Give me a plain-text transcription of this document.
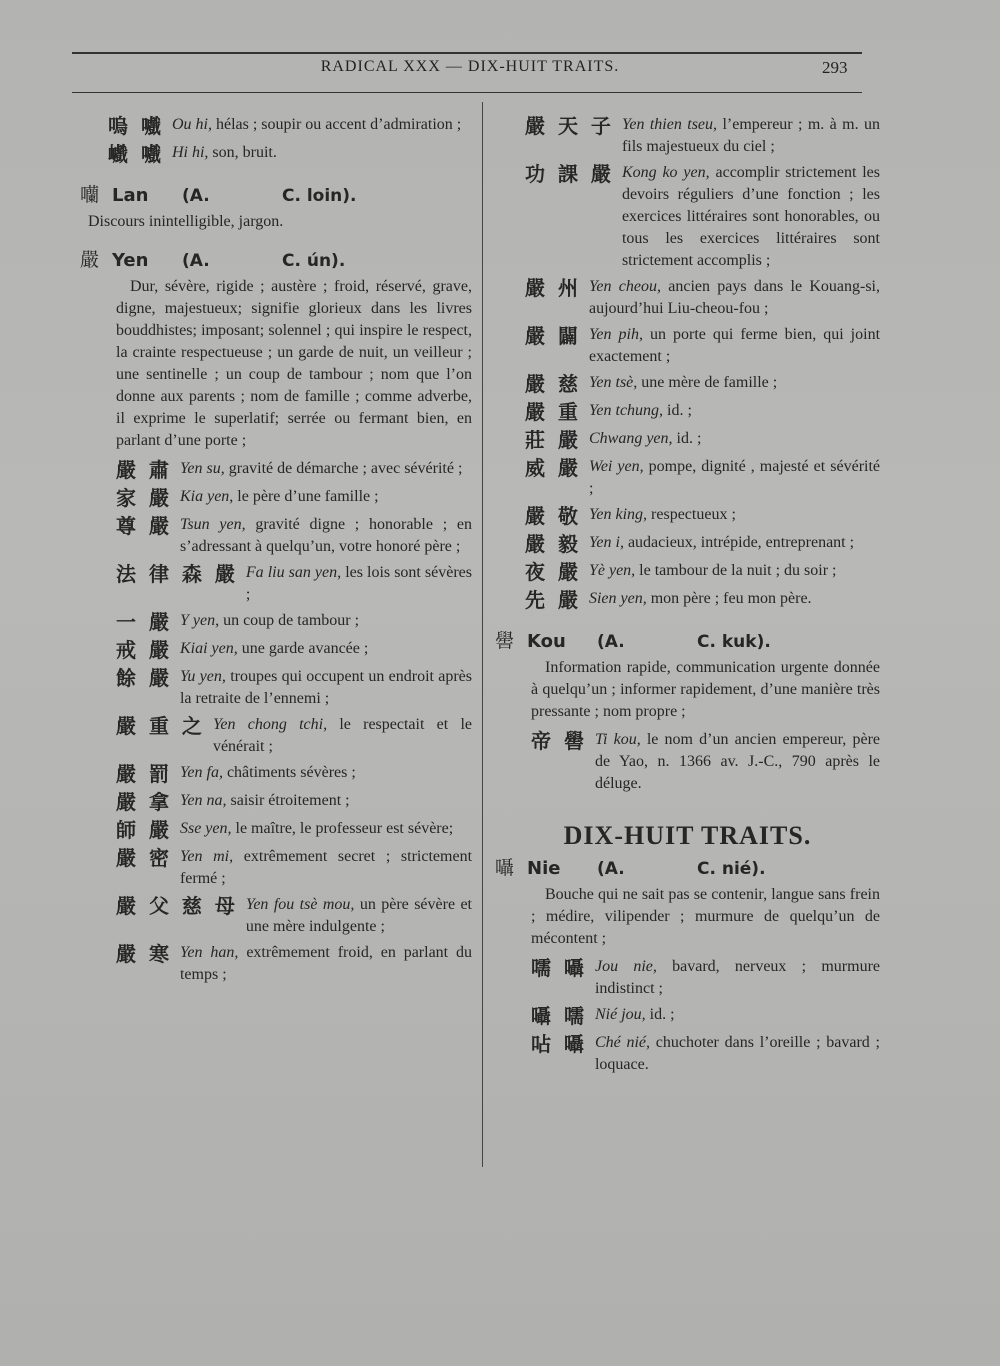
RADICAL XXX — DIX-HUIT TRAITS.	293
嗚 嚱 Ou hi, hélas ; soupir ou accent d’admiration ;
巇 嚱 Hi hi, son, bruit.
囒 Lan	(A.	C. loin).

Discours inintelligible, jargon.

嚴 Yen	(A.	C. ún).

Dur, sévère, rigide ; austère ; froid, réservé, grave, digne, majestueux; signifie glorieux dans les livres bouddhistes; imposant; solennel ; qui inspire le respect, la crainte respectueuse ; un garde de nuit, un veilleur ; une sentinelle ; un coup de tambour ; nom que l’on donne aux parents ; nom de famille ; comme adverbe, il exprime le superlatif; serrée ou fermant bien, en parlant d’une porte ;

嚴 肅 Yen su, gravité de démarche ; avec sévérité ;
家 嚴 Kia yen, le père d’une famille ;
尊 嚴 Tsun yen, gravité digne ; honorable ; en s’adressant à quelqu’un, votre honoré père ;
法 律 森 嚴 Fa liu san yen, les lois sont sévères ;
一 嚴 Y yen, un coup de tambour ;
戒 嚴 Kiai yen, une garde avancée ;
餘 嚴 Yu yen, troupes qui occupent un endroit après la retraite de l’ennemi ;
嚴 重 之 Yen chong tchi, le respectait et le vénérait ;
嚴 罰 Yen fa, châtiments sévères ;
嚴 拿 Yen na, saisir étroitement ;
師 嚴 Sse yen, le maître, le professeur est sévère;
嚴 密 Yen mi, extrêmement secret ; strictement fermé ;
嚴 父 慈 母 Yen fou tsè mou, un père sévère et une mère indulgente ;
嚴 寒 Yen han, extrêmement froid, en parlant du temps ;
嚴 天 子 Yen thien tseu, l’empereur ; m. à m. un fils majestueux du ciel ;
功 課 嚴 Kong ko yen, accomplir strictement les devoirs réguliers d’une fonction ; les exercices littéraires sont honorables, ou tous les exercices littéraires sont strictement accomplis ;
嚴 州 Yen cheou, ancien pays dans le Kouang-si, aujourd’hui Liu-cheou-fou ;
嚴 闢 Yen pih, un porte qui ferme bien, qui joint exactement ;
嚴 慈 Yen tsè, une mère de famille ;
嚴 重 Yen tchung, id. ;
莊 嚴 Chwang yen, id. ;
威 嚴 Wei yen, pompe, dignité , majesté et sévérité ;
嚴 敬 Yen king, respectueux ;
嚴 毅 Yen i, audacieux, intrépide, entreprenant ;
夜 嚴 Yè yen, le tambour de la nuit ; du soir ;
先 嚴 Sien yen, mon père ; feu mon père.
嚳 Kou	(A.	C. kuk).

Information rapide, communication urgente donnée à quelqu’un ; informer rapidement, d’une manière très pressante ; nom propre ;

帝 嚳 Ti kou, le nom d’un ancien empereur, père de Yao, n. 1366 av. J.-C., 790 après le déluge.
DIX-HUIT TRAITS.
囁 Nie	(A.	C. nié).

Bouche qui ne sait pas se contenir, langue sans frein ; médire, vilipender ; murmure de quelqu’un de mécontent ;

嚅 囁 Jou nie, bavard, nerveux ; murmure indistinct ;
囁 嚅 Nié jou, id. ;
呫 囁 Ché nié, chuchoter dans l’oreille ; bavard ; loquace.
